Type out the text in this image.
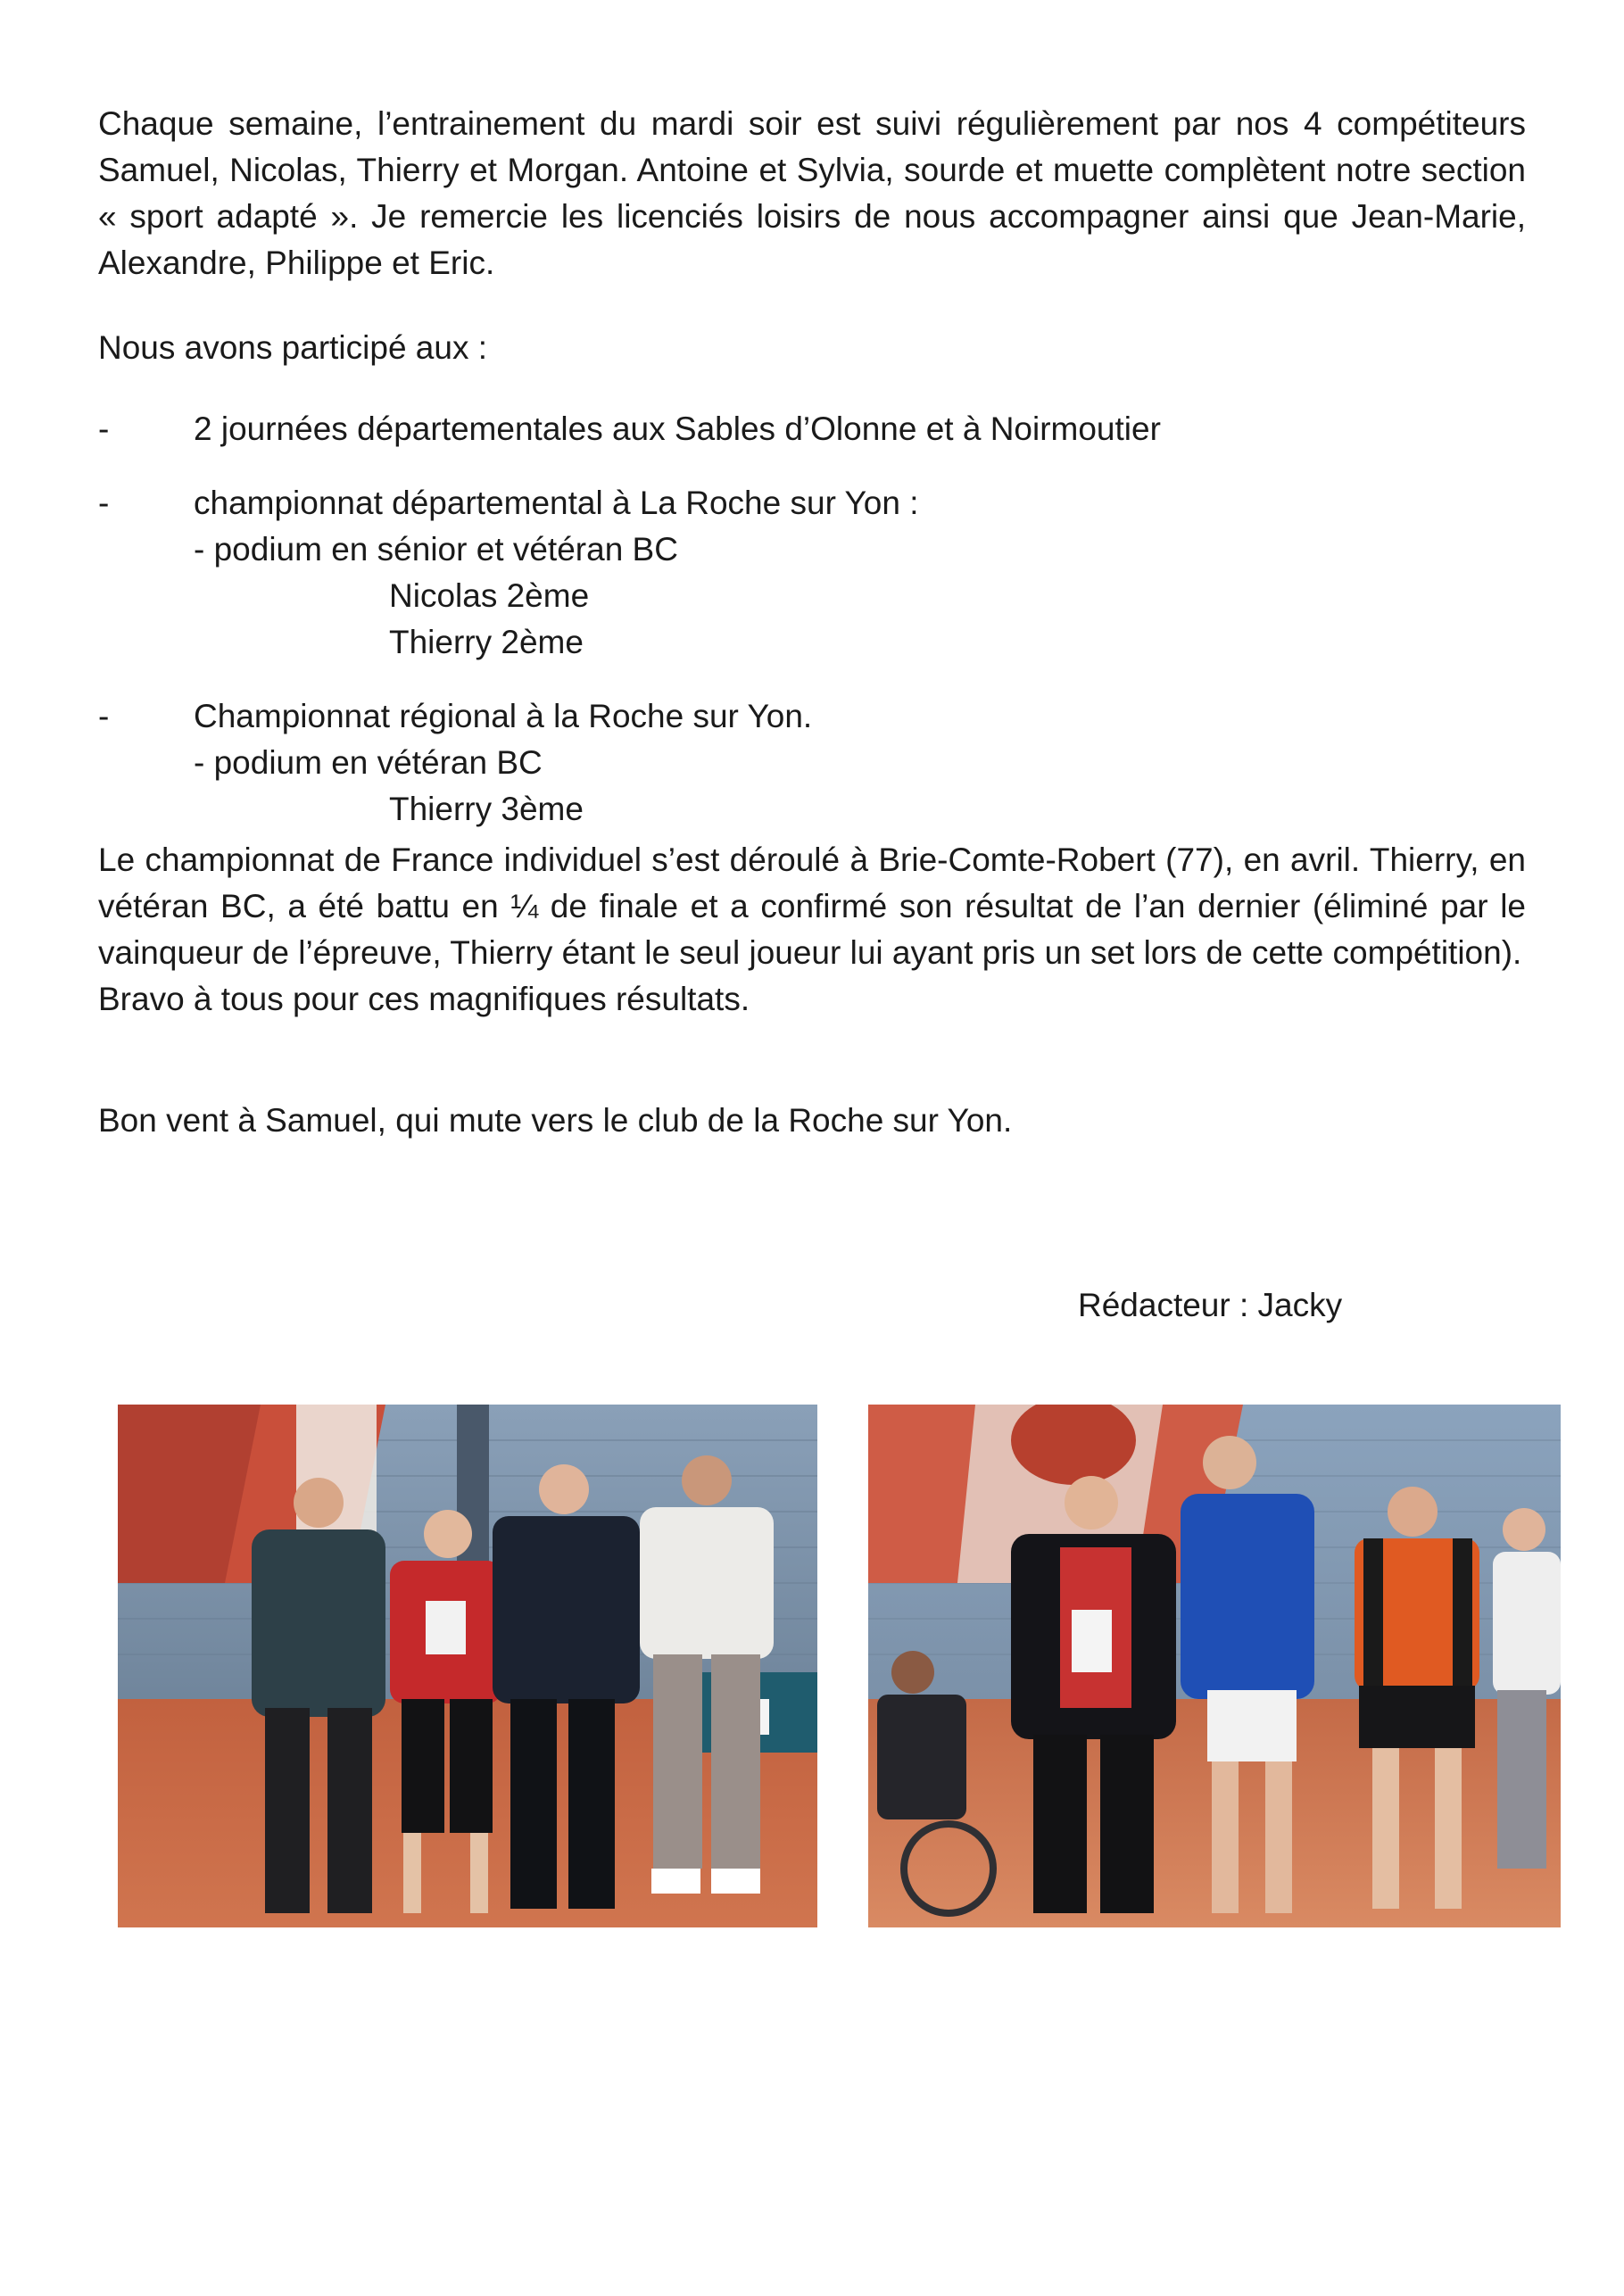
Chaque semaine, l’entrainement du mardi soir est suivi régulièrement par nos 4 compétiteurs Samuel, Nicolas, Thierry et Morgan. Antoine et Sylvia, sourde et muette complètent notre section « sport adapté ». Je remercie les licenciés loisirs de nous accompagner ainsi que Jean-Marie, Alexandre, Philippe et Eric.
Nous avons participé aux :
-	2 journées départementales aux Sables d’Olonne et à Noirmoutier
-	championnat départemental à La Roche sur Yon :
- podium en sénior et vétéran BC
Nicolas 2ème
Thierry 2ème
-	Championnat régional à la Roche sur Yon.
- podium en vétéran BC
Thierry 3ème
Le championnat de France individuel s’est déroulé à Brie-Comte-Robert (77), en avril. Thierry, en vétéran BC, a été battu en ¼ de finale et a confirmé son résultat de l’an dernier (éliminé par le vainqueur de l’épreuve, Thierry étant le seul joueur lui ayant pris un set lors de cette compétition).
Bravo à tous pour ces magnifiques résultats.
Bon vent à Samuel, qui mute vers le club de la Roche sur Yon.
Rédacteur : Jacky
